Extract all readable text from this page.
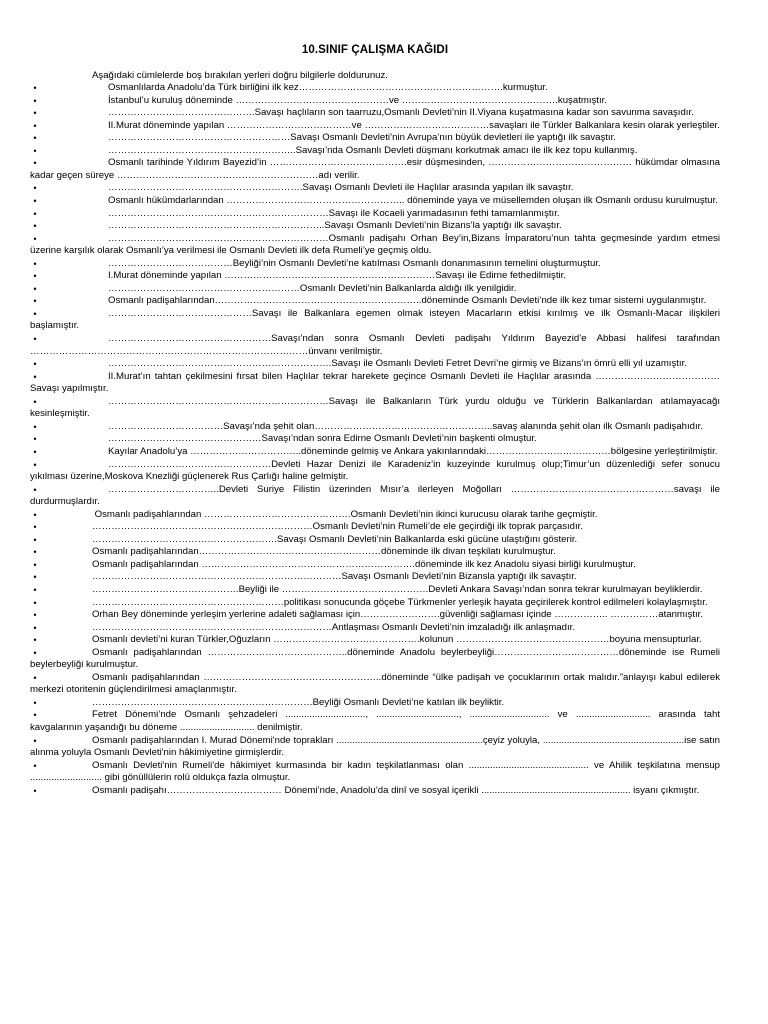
10.SINIF ÇALIŞMA KAĞIDI

Aşağıdaki cümlelerde boş bırakılan yerleri doğru bilgilerle doldurunuz.

•	Osmanlılarda Anadolu’da Türk birliğini ilk kez……………………………………………………….kurmuştur.
•	İstanbul’u kuruluş döneminde …………………………………………ve ………………………………………….kuşatmıştır.
•	……………………………………….Savaşı haçlıların son taarruzu,Osmanlı Devleti’nin II.Viyana kuşatmasına kadar son savunma savaşıdır.
•	II.Murat döneminde yapılan …………………………………ve …………………………………savaşları ile Türkler Balkanlara kesin olarak yerleştiler.
•	…………………………………………………Savaşı Osmanlı Devleti’nin Avrupa’nın büyük devletleri ile yaptığı ilk savaştır.
•	…………………………………………………..Savaşı’nda Osmanlı Devleti düşmanı korkutmak amacı ile ilk kez topu kullanmış.
•	Osmanlı tarihinde Yıldırım Bayezid’in …………………………………….esir düşmesinden, ……………………………………… hükümdar olmasına kadar geçen süreye ………………………………………………………adı verilir.
•	…………………………………………………….Savaşı Osmanlı Devleti ile Haçlılar arasında yapılan ilk savaştır.
•	Osmanlı hükümdarlarından ……………………………………………….. döneminde yaya ve müsellemden oluşan ilk Osmanlı ordusu kurulmuştur.
•	……………………………………………………………Savaşı ile Kocaeli yarımadasının fethi tamamlanmıştır.
•	…………………………………………………………..Savaşı Osmanlı Devleti’nin Bizans’la yaptığı ilk savaştır.
•	……………………………………………………………Osmanlı padişahı Orhan Bey’in,Bizans İmparatoru’nun tahta geçmesinde yardım etmesi üzerine karşılık olarak Osmanlı’ya verilmesi ile Osmanlı Devleti ilk defa Rumeli’ye geçmiş oldu.
•	…………………………………Beyliği’nin Osmanlı Devleti’ne katılması Osmanlı donanmasının temelini oluşturmuştur.
•	I.Murat döneminde yapılan …………………………………………………………Savaşı ile Edirne fethedilmiştir.
•	……………………………………………………Osmanlı Devleti’nin Balkanlarda aldığı ilk yenilgidir.
•	Osmanlı padişahlarından………………………………………………………..döneminde Osmanlı Devleti’nde ilk kez tımar sistemi uygulanmıştır.
•	………………………………………Savaşı ile Balkanlara egemen olmak isteyen Macarların etkisi kırılmış ve ilk Osmanlı-Macar ilişkileri başlamıştır.
•	……………………………………………Savaşı’ndan sonra Osmanlı Devleti padişahı Yıldırım Bayezid’e Abbasi halifesi tarafından ……………………………………………………………………………ünvanı verilmiştir.
•	…………………………………………………………….Savaşı ile Osmanlı Devleti Fetret Devri’ne girmiş ve Bizans’ın ömrü elli yıl uzamıştır.
•	II.Murat’ın tahtan çekilmesini fırsat bilen Haçlılar tekrar harekete geçince Osmanlı Devleti ile Haçlılar arasında …………………………………Savaşı yapılmıştır.
•	……………………………………………………………Savaşı ile Balkanların Türk yurdu olduğu ve Türklerin Balkanlardan atılamayacağı kesinleşmiştir.
•	………………………………Savaşı’nda şehit olan………………………………………………..savaş alanında şehit olan ilk Osmanlı padişahıdır.
•	…………………………………………Savaşı’ndan sonra Edirne Osmanlı Devleti’nin başkenti olmuştur.
•	Kayılar Anadolu’ya ……………………………..döneminde gelmiş ve Ankara yakınlarındaki…………………………………bölgesine yerleştirilmiştir.
•	……………………………………………Devleti Hazar Denizi ile Karadeniz’in kuzeyinde kurulmuş olup;Timur’un düzenlediği sefer sonucu yıkılması üzerine,Moskova Knezliği güçlenerek Rus Çarlığı haline gelmiştir.
•	……………………………..Devleti Suriye Filistin üzerinden Mısır’a ilerleyen Moğolları ……………………………………………savaşı ile durdurmuşlardır.
•	Osmanlı padişahlarından ……………………………………….Osmanlı Devleti’nin ikinci kurucusu olarak tarihe geçmiştir.
•	……………………………………………………………Osmanlı Devleti’nin Rumeli’de ele geçirdiği ilk toprak parçasıdır.
•	………………………………………………….Savaşı Osmanlı Devleti’nin Balkanlarda eski gücüne ulaştığını gösterir.
•	Osmanlı padişahlarından…………………………………………………döneminde ilk divan teşkilatı kurulmuştur.
•	Osmanlı padişahlarından ………………………………………………………….döneminde ilk kez Anadolu siyasi birliği kurulmuştur.
•	……………………………………………………………………Savaşı Osmanlı Devleti’nin Bizansla yaptığı ilk savaştır.
•	……………………………………….Beyliği ile ……………………………………….Devleti Ankara Savaşı’ndan sonra tekrar kurulmayan beyliklerdir.
•	……………………………………………………politikası sonucunda göçebe Türkmenler yerleşik hayata geçirilerek kontrol edilmeleri kolaylaşmıştır.
•	Orhan Bey döneminde yerleşim yerlerine adaleti sağlaması için…………………….güvenliği sağlaması içinde …………….. ……………atanmıştır.
•	…………………………………………………………………Antlaşması Osmanlı Devleti’nin imzaladığı ilk anlaşmadır.
•	Osmanlı devleti’ni kuran Türkler,Oğuzların ……………………………………….kolunun …………………………………………boyuna mensupturlar.
•	Osmanlı padişahlarından ……………………………………..döneminde Anadolu beylerbeyliği…………………………………döneminde ise Rumeli beylerbeyliği kurulmuştur.
•	Osmanlı padişahlarından ………………………………………………..döneminde “ülke padişah ve çocuklarının ortak malıdır.”anlayışı kabul edilerek merkezi otoritenin güçlendirilmesi amaçlanmıştır.
•	……………………………………………………………Beyliği Osmanlı Devleti’ne katılan ilk beyliktir.
•	Fetret Dönemi’nde Osmanlı şehzadeleri .............................., ..............................., .............................. ve ............................ arasında taht kavgalarının yaşandığı bu döneme ............................ denilmiştir.
•	Osmanlı padişahlarından I. Murad Dönemi'nde toprakları .......................................................çeyiz yoluyla, .....................................................ise satın alınma yoluyla Osmanlı Devleti'nin hâkimiyetine girmişlerdir.
•	Osmanlı Devleti'nin Rumeli'de hâkimiyet kurmasında bir kadın teşkilatlanması olan ............................................. ve Ahilik teşkilatına mensup ........................... gibi gönüllülerin rolü oldukça fazla olmuştur.
•	Osmanlı padişahı……………………………… Dönemi’nde, Anadolu’da dinî ve sosyal içerikli ........................................................ isyanı çıkmıştır.
